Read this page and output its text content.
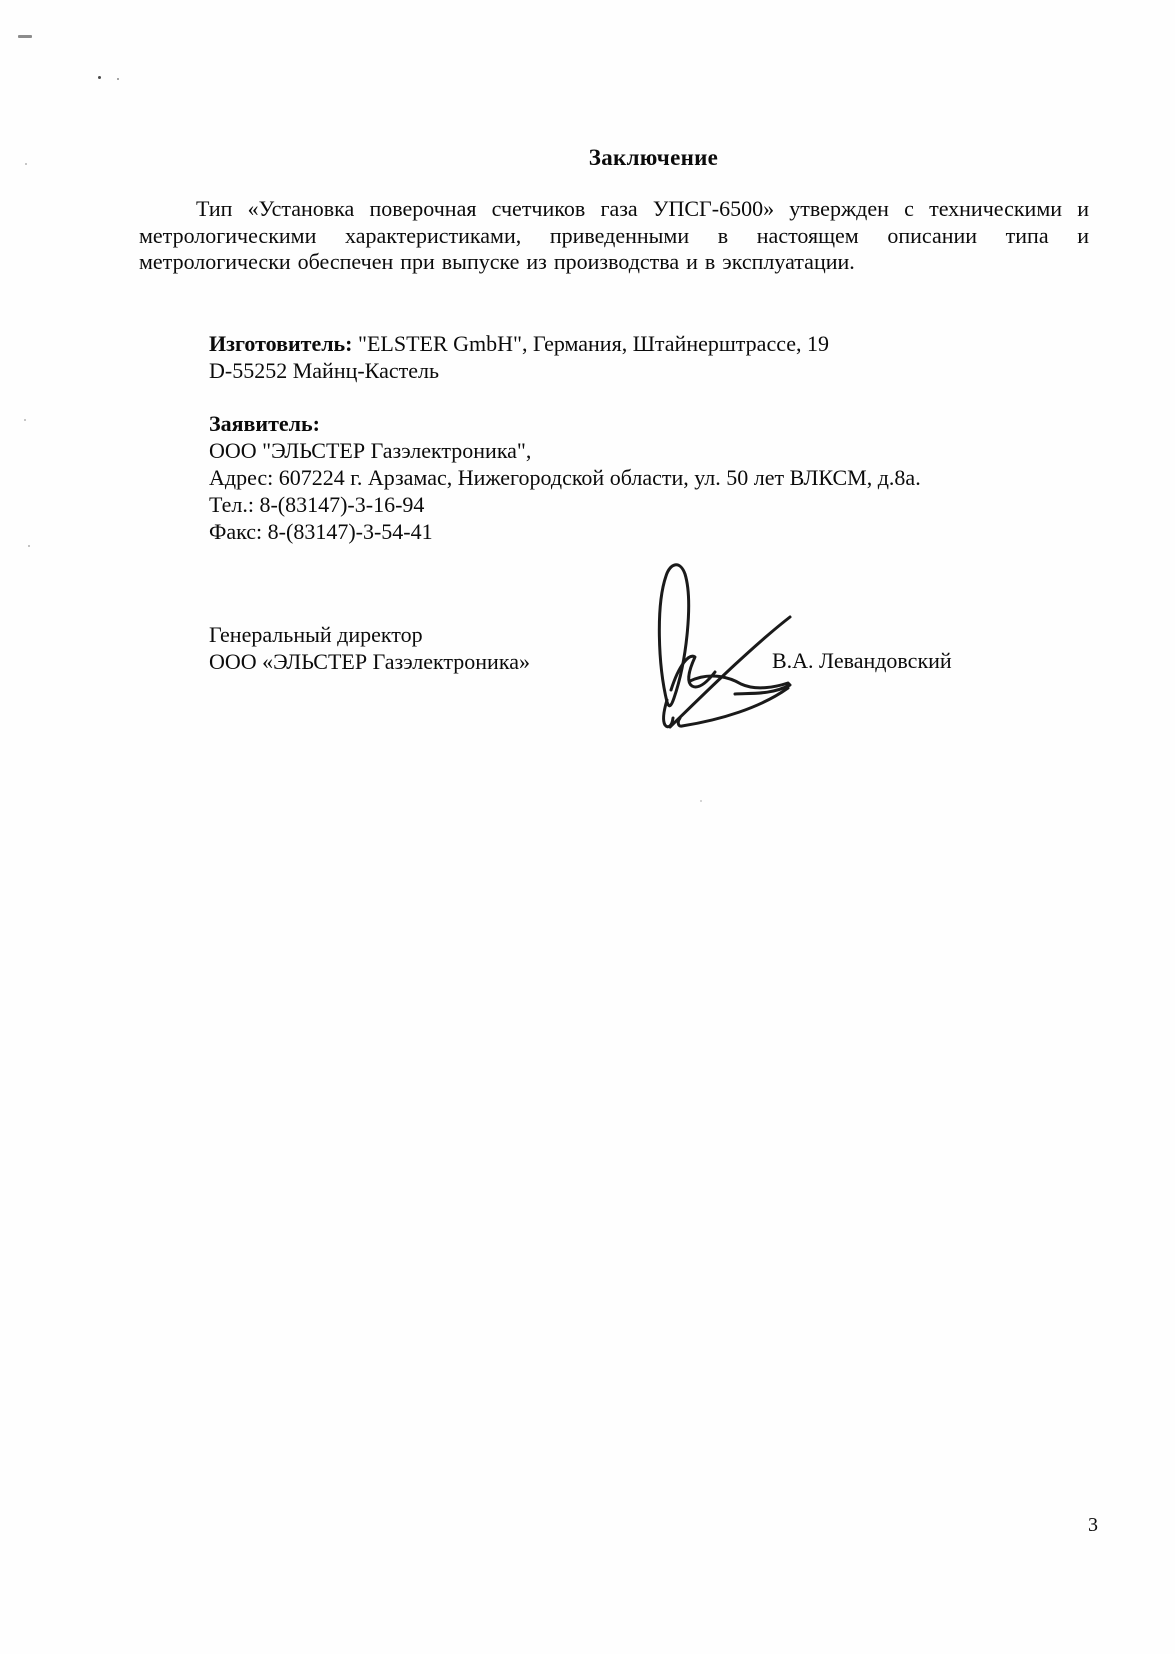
Заключение
Тип «Установка поверочная счетчиков газа УПСГ-6500» утвержден с техническими и метрологическими характеристиками, приведенными в настоящем описании типа и метрологически обеспечен при выпуске из производства и в эксплуатации.
Изготовитель: "ELSTER GmbH", Германия, Штайнерштрассе, 19
D-55252 Майнц-Кастель
Заявитель:
ООО "ЭЛЬСТЕР Газэлектроника",
Адрес: 607224 г. Арзамас, Нижегородской области, ул. 50 лет ВЛКСМ, д.8а.
Тел.: 8-(83147)-3-16-94
Факс: 8-(83147)-3-54-41
Генеральный директор
ООО «ЭЛЬСТЕР Газэлектроника»	В.А. Левандовский
3
